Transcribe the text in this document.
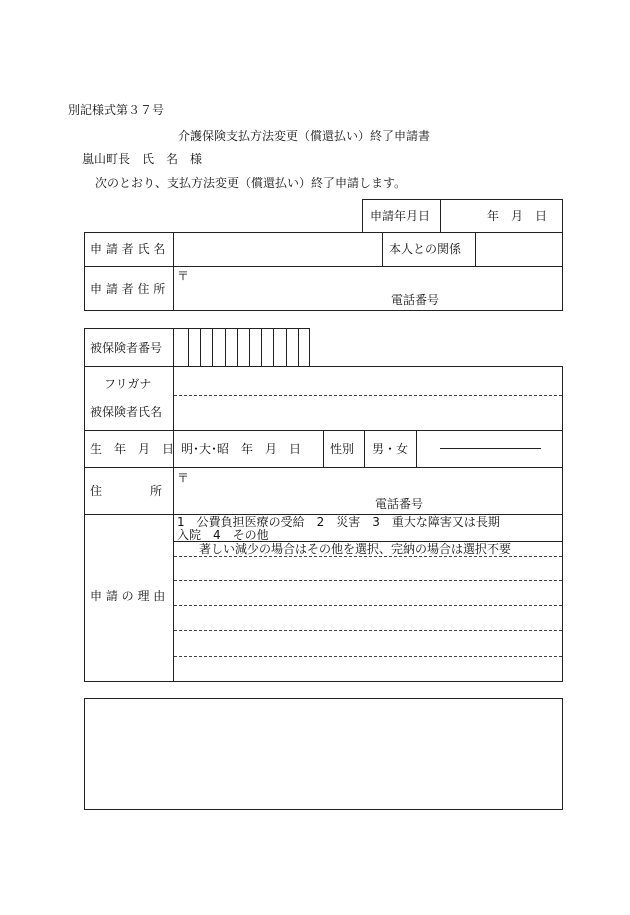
別記様式第３７号
介護保険支払方法変更（償還払い）終了申請書
嵐山町長　氏　名　様
次のとおり、支払方法変更（償還払い）終了申請します。
申請年月日	年　月　日
申 請 者 氏 名	本人との関係
申 請 者 住 所
〒
電話番号
被保険者番号
フリガナ
被保険者氏名
生　年　月　日 明･大･昭　年　月　日 性別 男・女
住　　　　所
〒
電話番号
申 請 の 理 由
1　公費負担医療の受給　2　災害　3　重大な障害又は長期
入院　4　その他
著しい減少の場合はその他を選択、完納の場合は選択不要
